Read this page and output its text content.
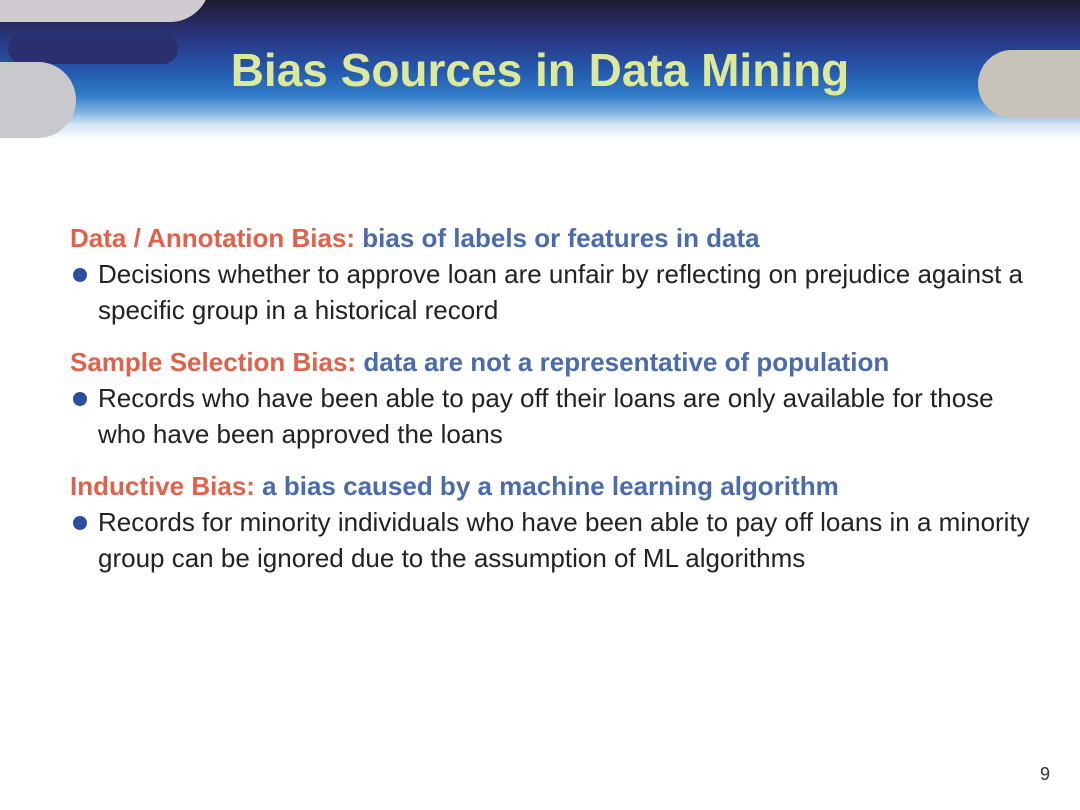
Bias Sources in Data Mining

Data / Annotation Bias: bias of labels or features in data

Decisions whether to approve loan are unfair by reflecting on prejudice against a specific group in a historical record

Sample Selection Bias: data are not a representative of population

Records who have been able to pay off their loans are only available for those who have been approved the loans

Inductive Bias: a bias caused by a machine learning algorithm

Records for minority individuals who have been able to pay off loans in a minority group can be ignored due to the assumption of ML algorithms
9
